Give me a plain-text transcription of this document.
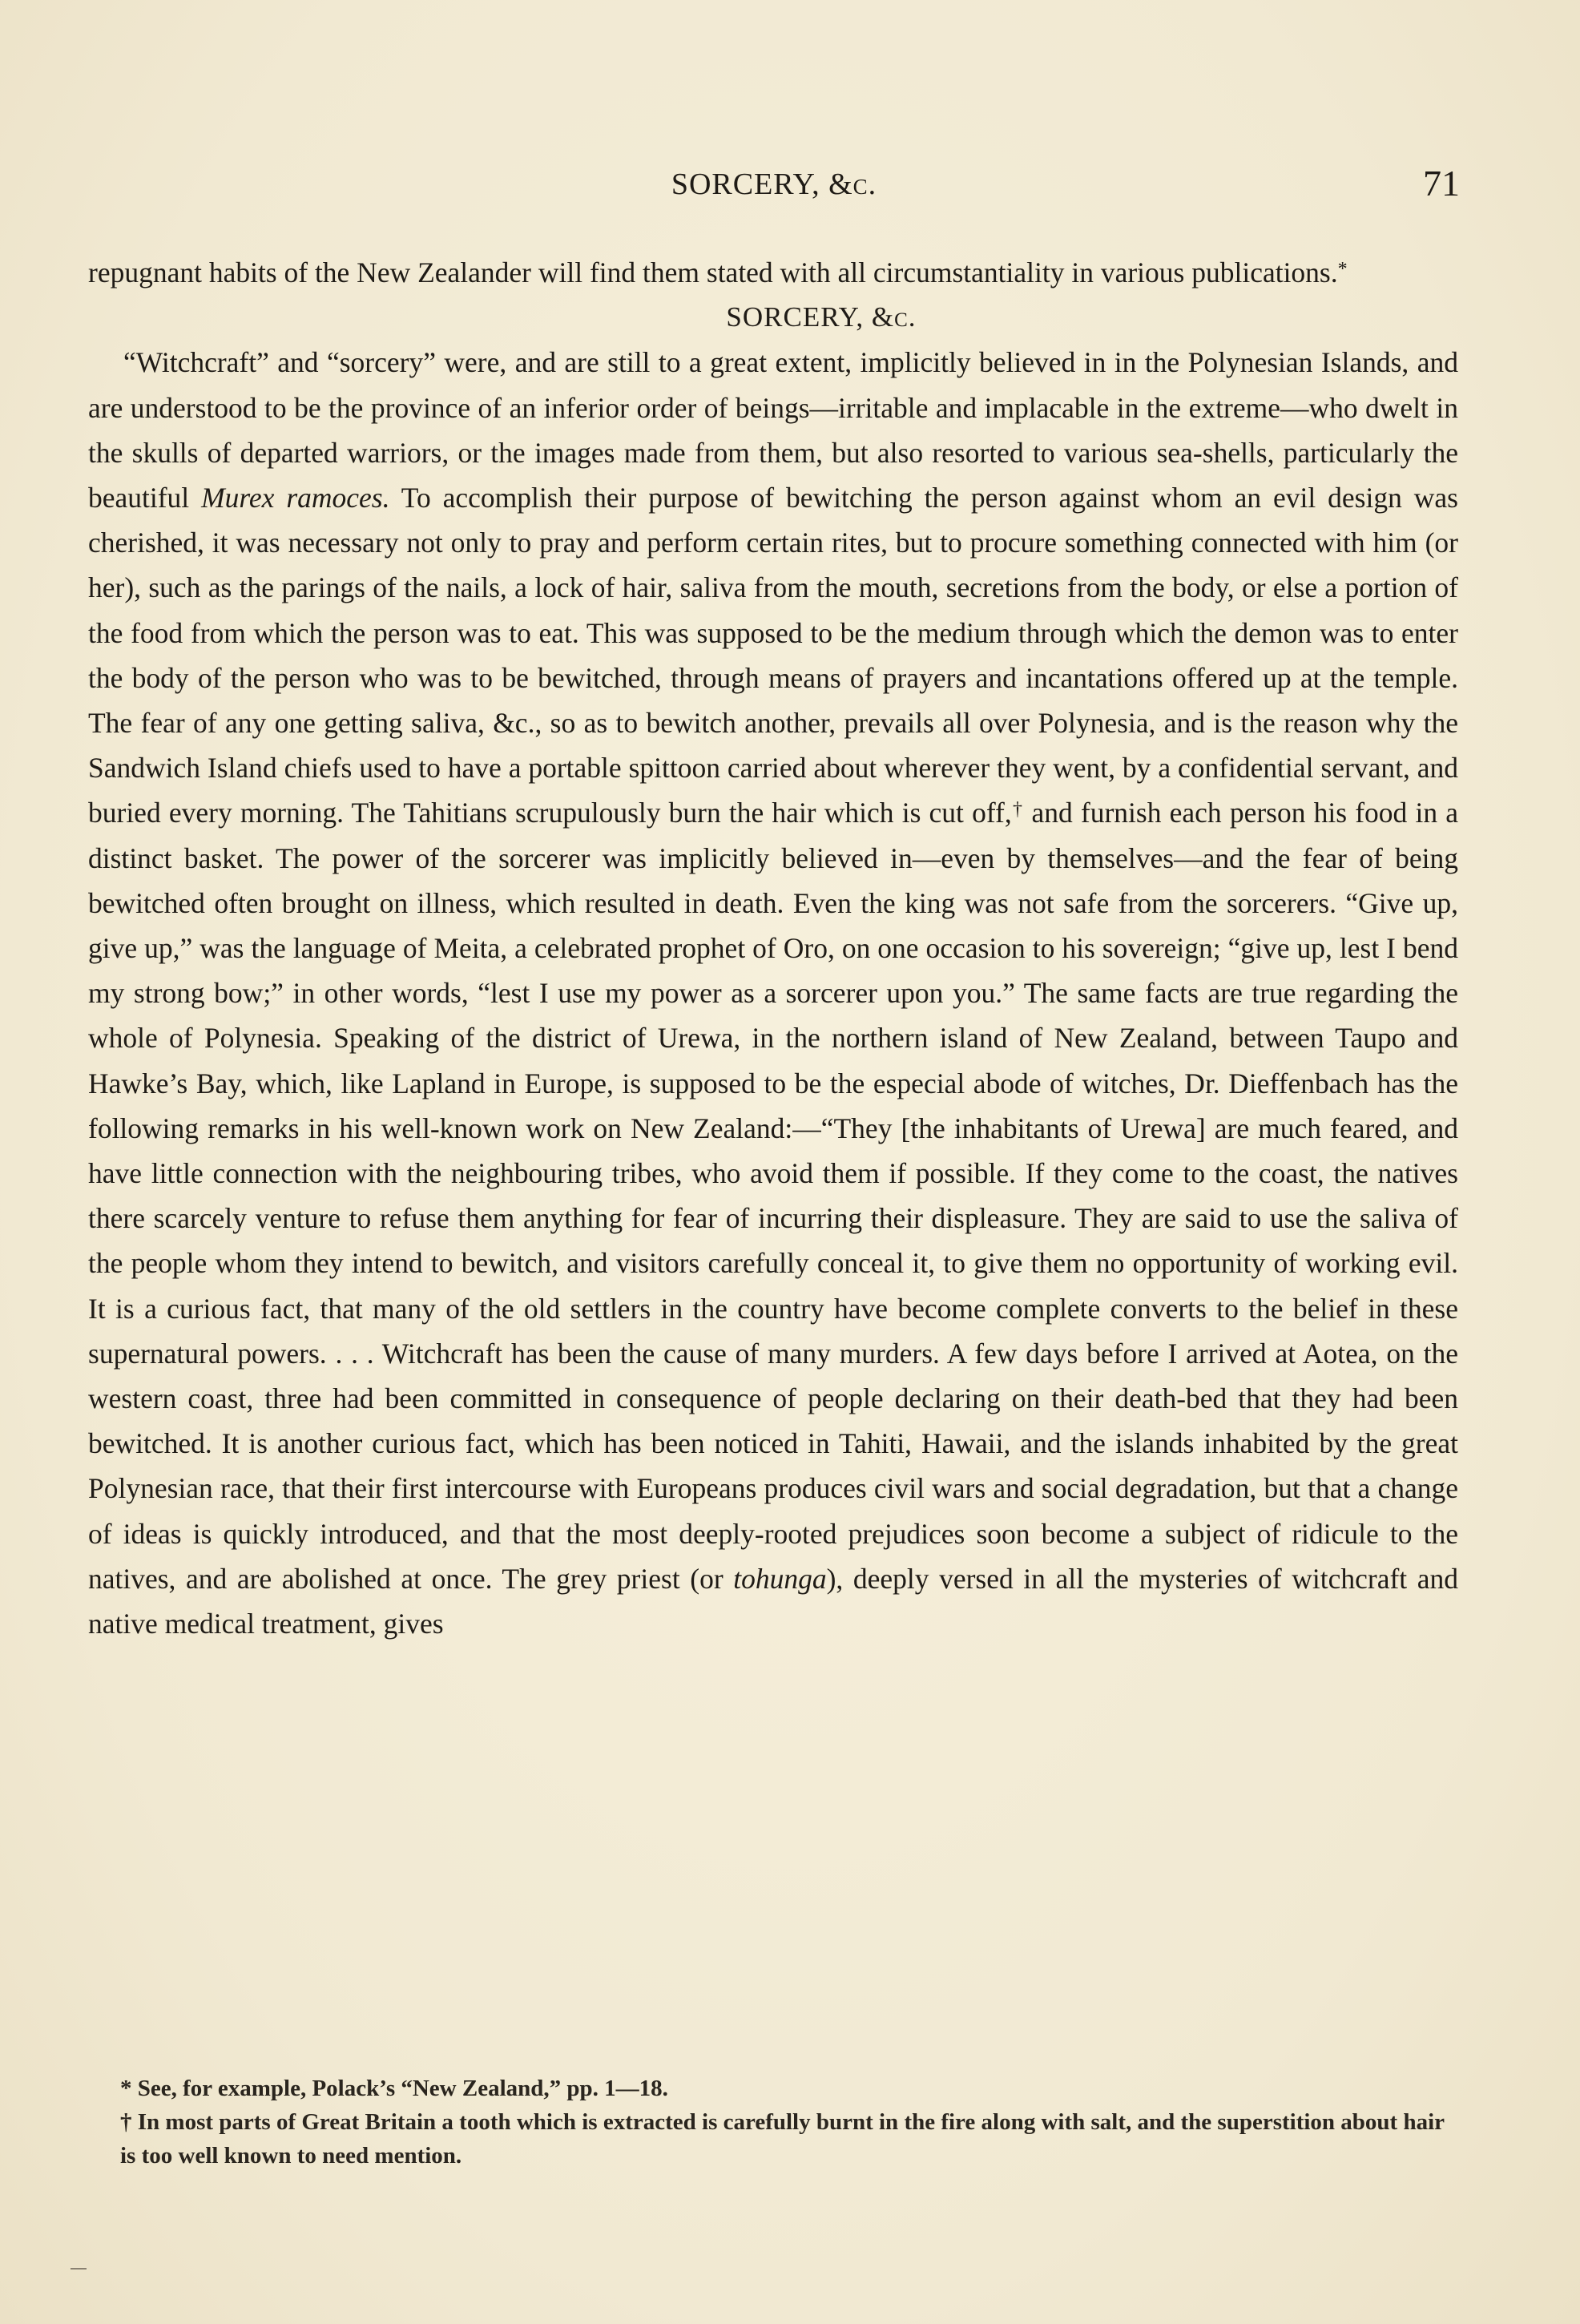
SORCERY, &c.	71

repugnant habits of the New Zealander will find them stated with all circumstantiality in various publications.*

SORCERY, &c.

“Witchcraft” and “sorcery” were, and are still to a great extent, implicitly believed in in the Polynesian Islands, and are understood to be the province of an inferior order of beings—irritable and implacable in the extreme—who dwelt in the skulls of departed warriors, or the images made from them, but also resorted to various sea-shells, particularly the beautiful Murex ramoces. To accomplish their purpose of bewitching the person against whom an evil design was cherished, it was necessary not only to pray and perform certain rites, but to procure something connected with him (or her), such as the parings of the nails, a lock of hair, saliva from the mouth, secretions from the body, or else a portion of the food from which the person was to eat. This was supposed to be the medium through which the demon was to enter the body of the person who was to be bewitched, through means of prayers and incantations offered up at the temple. The fear of any one getting saliva, &c., so as to bewitch another, prevails all over Polynesia, and is the reason why the Sandwich Island chiefs used to have a portable spittoon carried about wherever they went, by a confidential servant, and buried every morning. The Tahitians scrupulously burn the hair which is cut off,† and furnish each person his food in a distinct basket. The power of the sorcerer was implicitly believed in—even by themselves—and the fear of being bewitched often brought on illness, which resulted in death. Even the king was not safe from the sorcerers. “Give up, give up,” was the language of Meita, a celebrated prophet of Oro, on one occasion to his sovereign; “give up, lest I bend my strong bow;” in other words, “lest I use my power as a sorcerer upon you.” The same facts are true regarding the whole of Polynesia. Speaking of the district of Urewa, in the northern island of New Zealand, between Taupo and Hawke’s Bay, which, like Lapland in Europe, is supposed to be the especial abode of witches, Dr. Dieffenbach has the following remarks in his well-known work on New Zealand:—“They [the inhabitants of Urewa] are much feared, and have little connection with the neighbouring tribes, who avoid them if possible. If they come to the coast, the natives there scarcely venture to refuse them anything for fear of incurring their displeasure. They are said to use the saliva of the people whom they intend to bewitch, and visitors carefully conceal it, to give them no opportunity of working evil. It is a curious fact, that many of the old settlers in the country have become complete converts to the belief in these supernatural powers. . . . Witchcraft has been the cause of many murders. A few days before I arrived at Aotea, on the western coast, three had been committed in consequence of people declaring on their death-bed that they had been bewitched. It is another curious fact, which has been noticed in Tahiti, Hawaii, and the islands inhabited by the great Polynesian race, that their first intercourse with Europeans produces civil wars and social degradation, but that a change of ideas is quickly introduced, and that the most deeply-rooted prejudices soon become a subject of ridicule to the natives, and are abolished at once. The grey priest (or tohunga), deeply versed in all the mysteries of witchcraft and native medical treatment, gives

* See, for example, Polack’s “New Zealand,” pp. 1—18.

† In most parts of Great Britain a tooth which is extracted is carefully burnt in the fire along with salt, and the superstition about hair is too well known to need mention.
